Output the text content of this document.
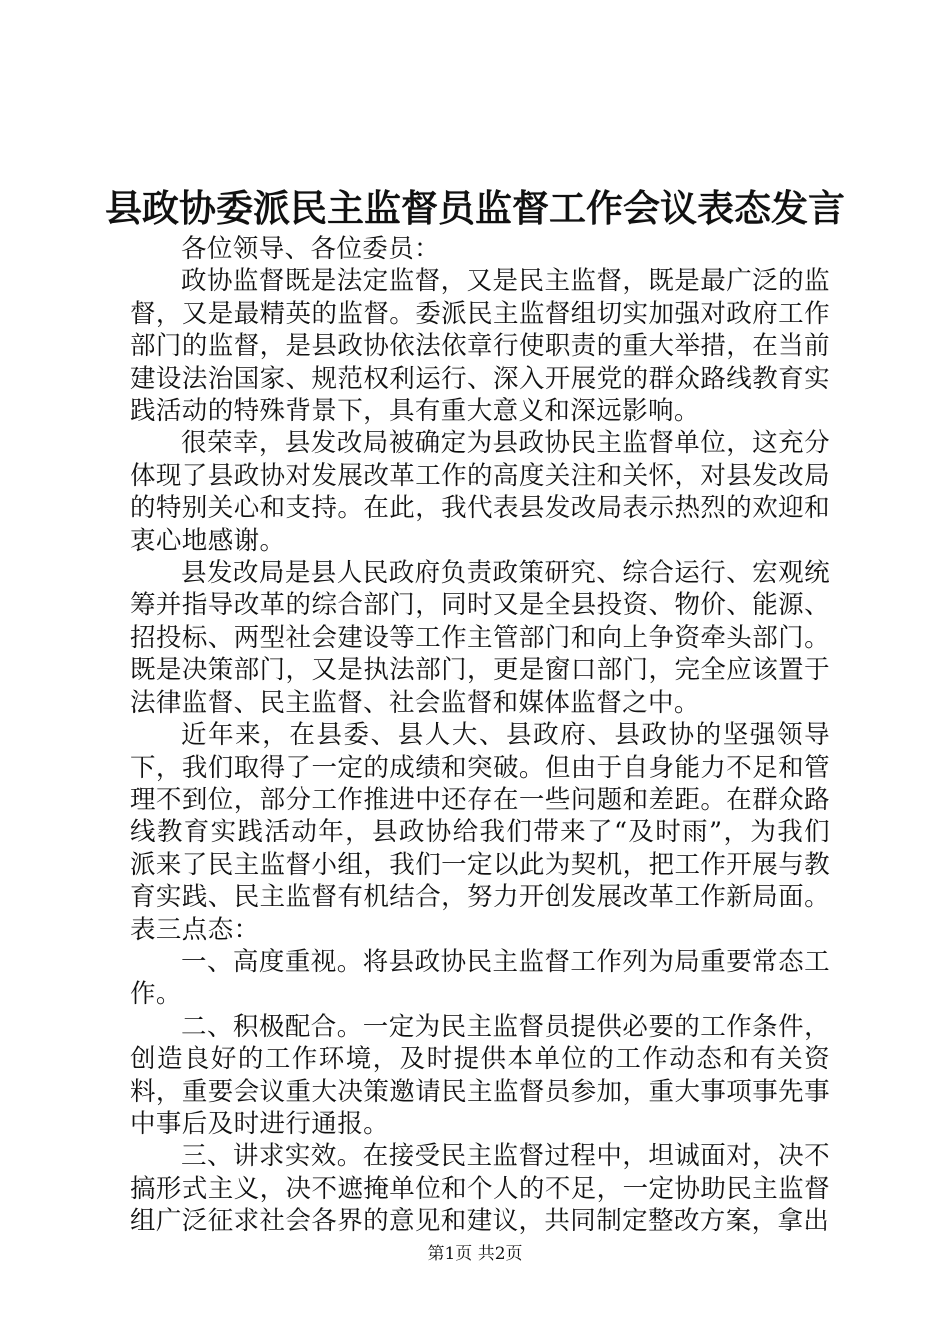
县政协委派民主监督员监督工作会议表态发言

各位领导、各位委员：

政协监督既是法定监督，又是民主监督，既是最广泛的监督，又是最精英的监督。委派民主监督组切实加强对政府工作部门的监督，是县政协依法依章行使职责的重大举措，在当前建设法治国家、规范权利运行、深入开展党的群众路线教育实践活动的特殊背景下，具有重大意义和深远影响。

很荣幸，县发改局被确定为县政协民主监督单位，这充分体现了县政协对发展改革工作的高度关注和关怀，对县发改局的特别关心和支持。在此，我代表县发改局表示热烈的欢迎和衷心地感谢。

县发改局是县人民政府负责政策研究、综合运行、宏观统筹并指导改革的综合部门，同时又是全县投资、物价、能源、招投标、两型社会建设等工作主管部门和向上争资牵头部门。既是决策部门，又是执法部门，更是窗口部门，完全应该置于法律监督、民主监督、社会监督和媒体监督之中。

近年来，在县委、县人大、县政府、县政协的坚强领导下，我们取得了一定的成绩和突破。但由于自身能力不足和管理不到位，部分工作推进中还存在一些问题和差距。在群众路线教育实践活动年，县政协给我们带来了“及时雨”，为我们派来了民主监督小组，我们一定以此为契机，把工作开展与教育实践、民主监督有机结合，努力开创发展改革工作新局面。表三点态：

一、高度重视。将县政协民主监督工作列为局重要常态工作。

二、积极配合。一定为民主监督员提供必要的工作条件，创造良好的工作环境，及时提供本单位的工作动态和有关资料，重要会议重大决策邀请民主监督员参加，重大事项事先事中事后及时进行通报。

三、讲求实效。在接受民主监督过程中，坦诚面对，决不搞形式主义，决不遮掩单位和个人的不足，一定协助民主监督组广泛征求社会各界的意见和建议，共同制定整改方案，拿出

第1页 共2页
